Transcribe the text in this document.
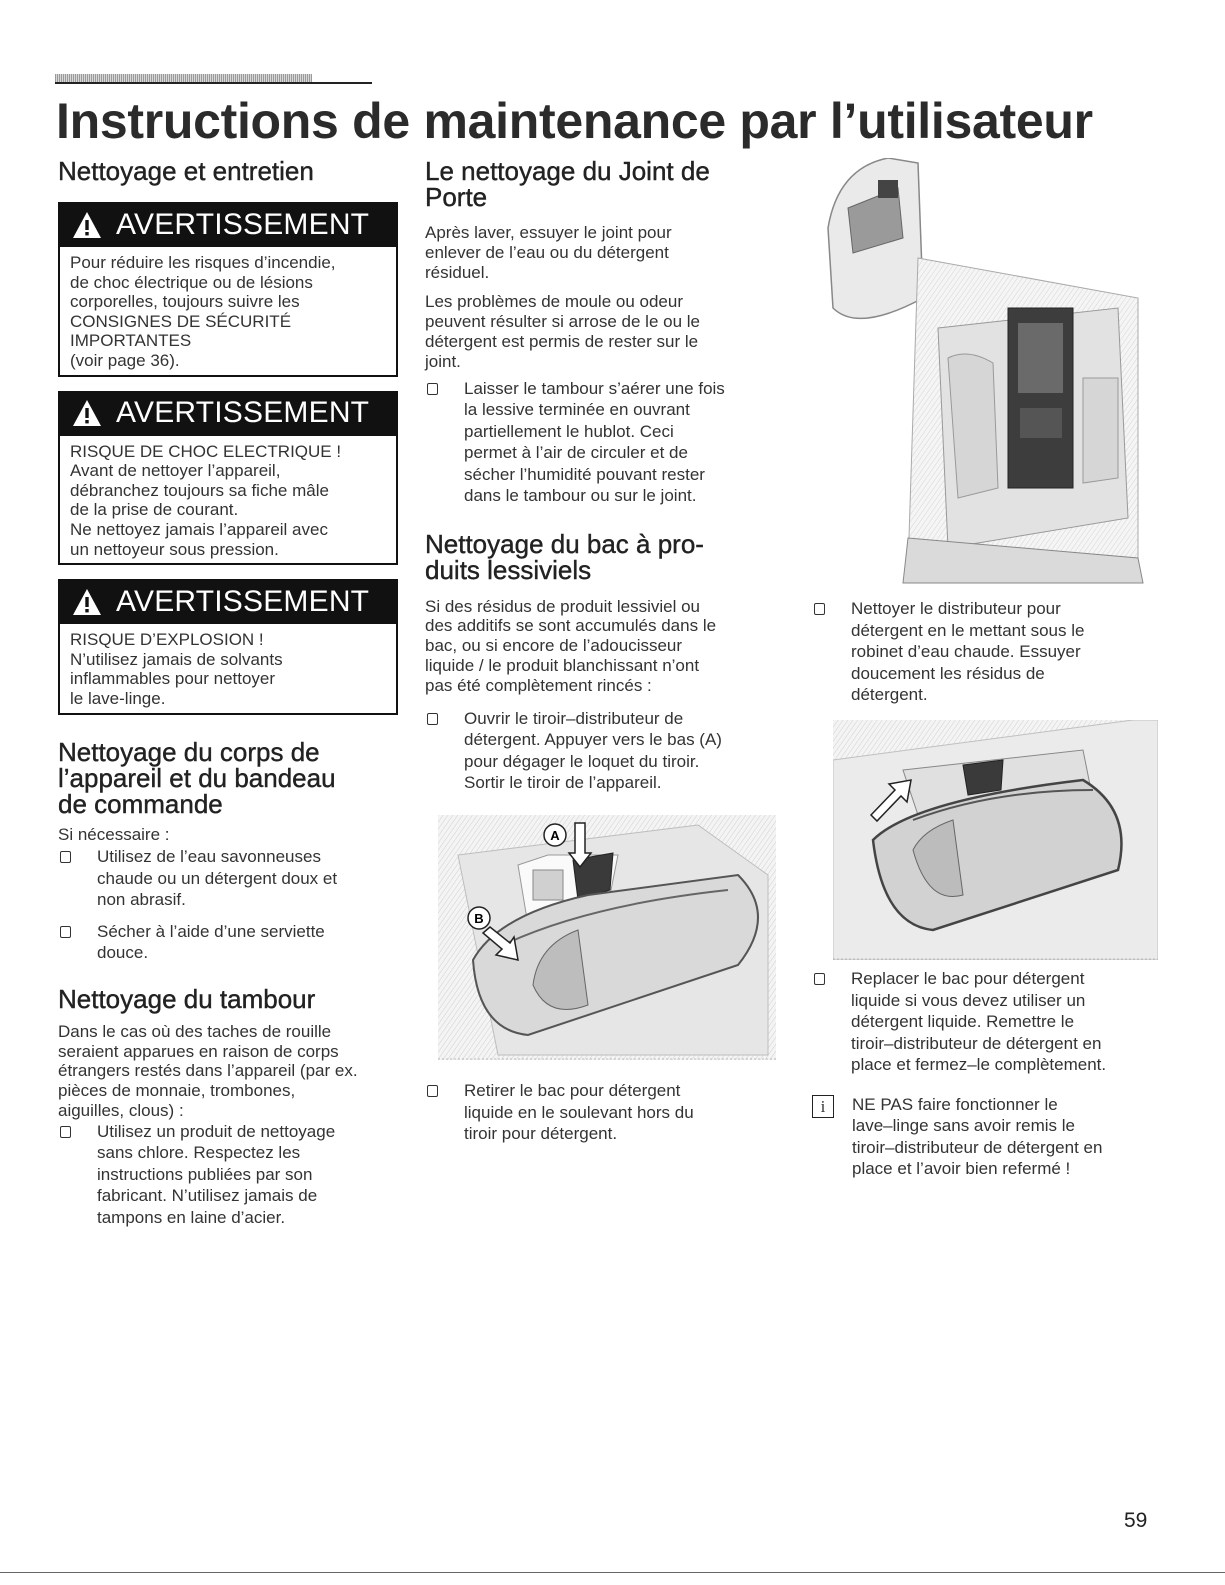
Instructions de maintenance par l’utilisateur
Nettoyage et entretien
AVERTISSEMENT
Pour réduire les risques d’incendie,
de choc électrique ou de lésions
corporelles, toujours suivre les
CONSIGNES DE SÉCURITÉ
IMPORTANTES
(voir page 36).
AVERTISSEMENT
RISQUE DE CHOC ELECTRIQUE !
Avant de nettoyer l’appareil,
débranchez toujours sa fiche mâle
de la prise de courant.
Ne nettoyez jamais l’appareil avec
un nettoyeur sous pression.
AVERTISSEMENT
RISQUE D’EXPLOSION !
N’utilisez jamais de solvants
inflammables pour nettoyer
le lave-linge.
Nettoyage du corps de
l’appareil et du bandeau
de commande

Si nécessaire :

Utilisez de l’eau savonneuses
chaude ou un détergent doux et
non abrasif.
Sécher à l’aide d’une serviette
douce.
Nettoyage du tambour

Dans le cas où des taches de rouille
seraient apparues en raison de corps
étrangers restés dans l’appareil (par ex.
pièces de monnaie, trombones,
aiguilles, clous) :

Utilisez un produit de nettoyage
sans chlore. Respectez les
instructions publiées par son
fabricant. N’utilisez jamais de
tampons en laine d’acier.
Le nettoyage du Joint de
Porte

Après laver, essuyer le joint pour
enlever de l’eau ou du détergent
résiduel.

Les problèmes de moule ou odeur
peuvent résulter si arrose de le ou le
détergent est permis de rester sur le
joint.

Laisser le tambour s’aérer une fois
la lessive terminée en ouvrant
partiellement le hublot. Ceci
permet à l’air de circuler et de
sécher l’humidité pouvant rester
dans le tambour ou sur le joint.
Nettoyage du bac à pro-
duits lessiviels

Si des résidus de produit lessiviel ou
des additifs se sont accumulés dans le
bac, ou si encore de l’adoucisseur
liquide / le produit blanchissant n’ont
pas été complètement rincés :

Ouvrir le tiroir–distributeur de
détergent. Appuyer vers le bas (A)
pour dégager le loquet du tiroir.
Sortir le tiroir de l’appareil.
A
B
Retirer le bac pour détergent
liquide en le soulevant hors du
tiroir pour détergent.
Nettoyer le distributeur pour
détergent en le mettant sous le
robinet d’eau chaude. Essuyer
doucement les résidus de
détergent.
Replacer le bac pour détergent
liquide si vous devez utiliser un
détergent liquide. Remettre le
tiroir–distributeur de détergent en
place et fermez–le complètement.
i	NE PAS faire fonctionner le
lave–linge sans avoir remis le
tiroir–distributeur de détergent en
place et l’avoir bien refermé !
59
